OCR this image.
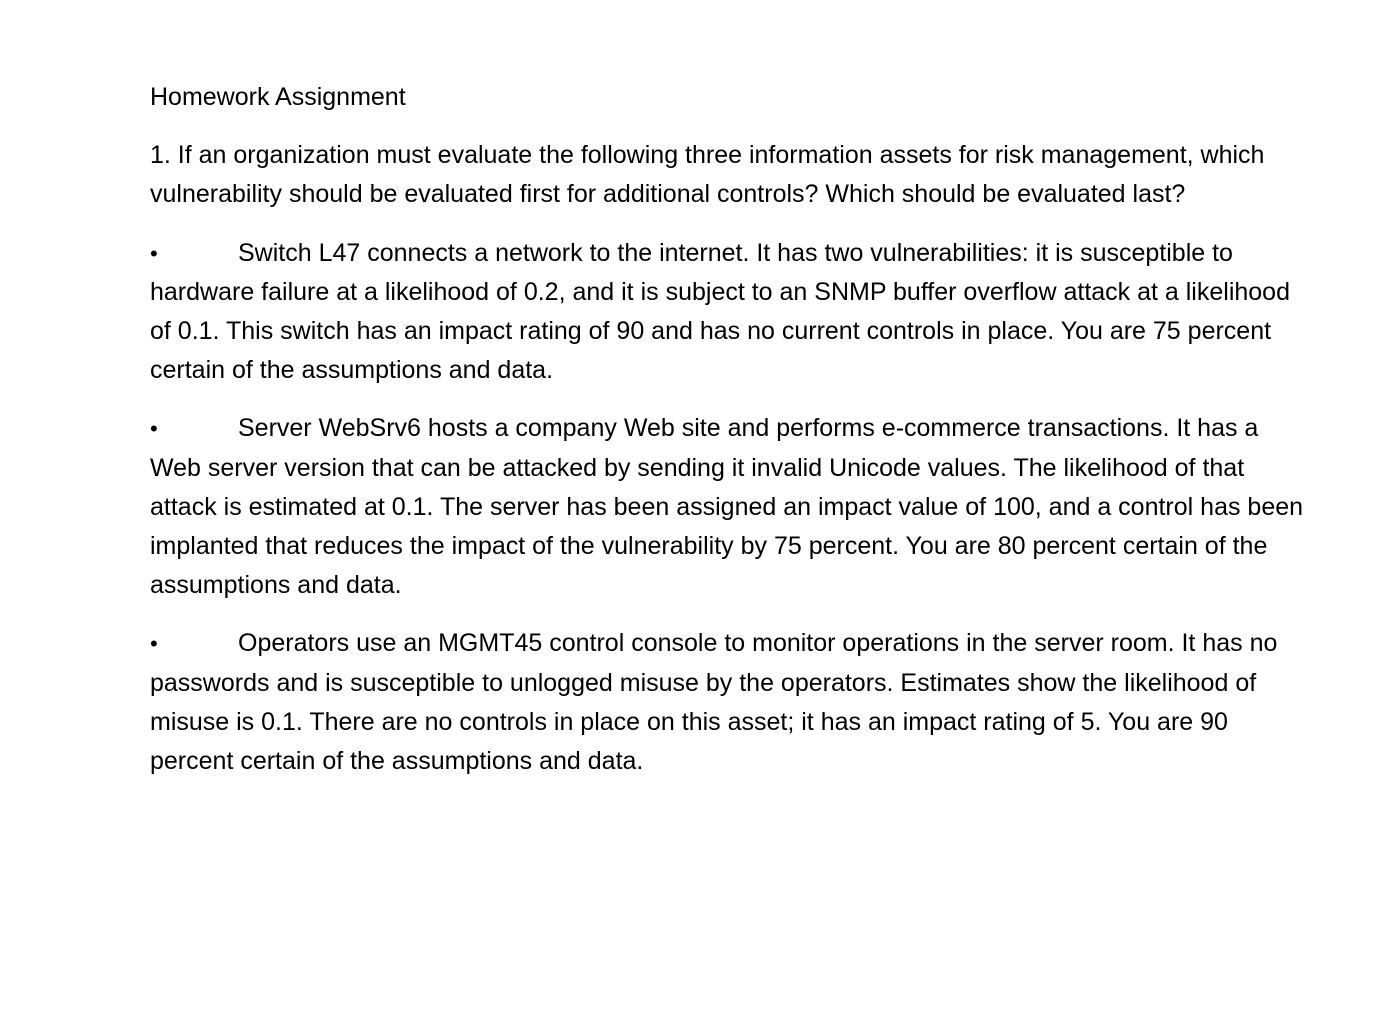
Homework Assignment
1. If an organization must evaluate the following three information assets for risk management, which vulnerability should be evaluated first for additional controls? Which should be evaluated last?
•	Switch L47 connects a network to the internet. It has two vulnerabilities: it is susceptible to hardware failure at a likelihood of 0.2, and it is subject to an SNMP buffer overflow attack at a likelihood of 0.1. This switch has an impact rating of 90 and has no current controls in place. You are 75 percent certain of the assumptions and data.
•	Server WebSrv6 hosts a company Web site and performs e-commerce transactions. It has a Web server version that can be attacked by sending it invalid Unicode values. The likelihood of that attack is estimated at 0.1. The server has been assigned an impact value of 100, and a control has been implanted that reduces the impact of the vulnerability by 75 percent. You are 80 percent certain of the assumptions and data.
•	Operators use an MGMT45 control console to monitor operations in the server room. It has no passwords and is susceptible to unlogged misuse by the operators. Estimates show the likelihood of misuse is 0.1. There are no controls in place on this asset; it has an impact rating of 5. You are 90 percent certain of the assumptions and data.
